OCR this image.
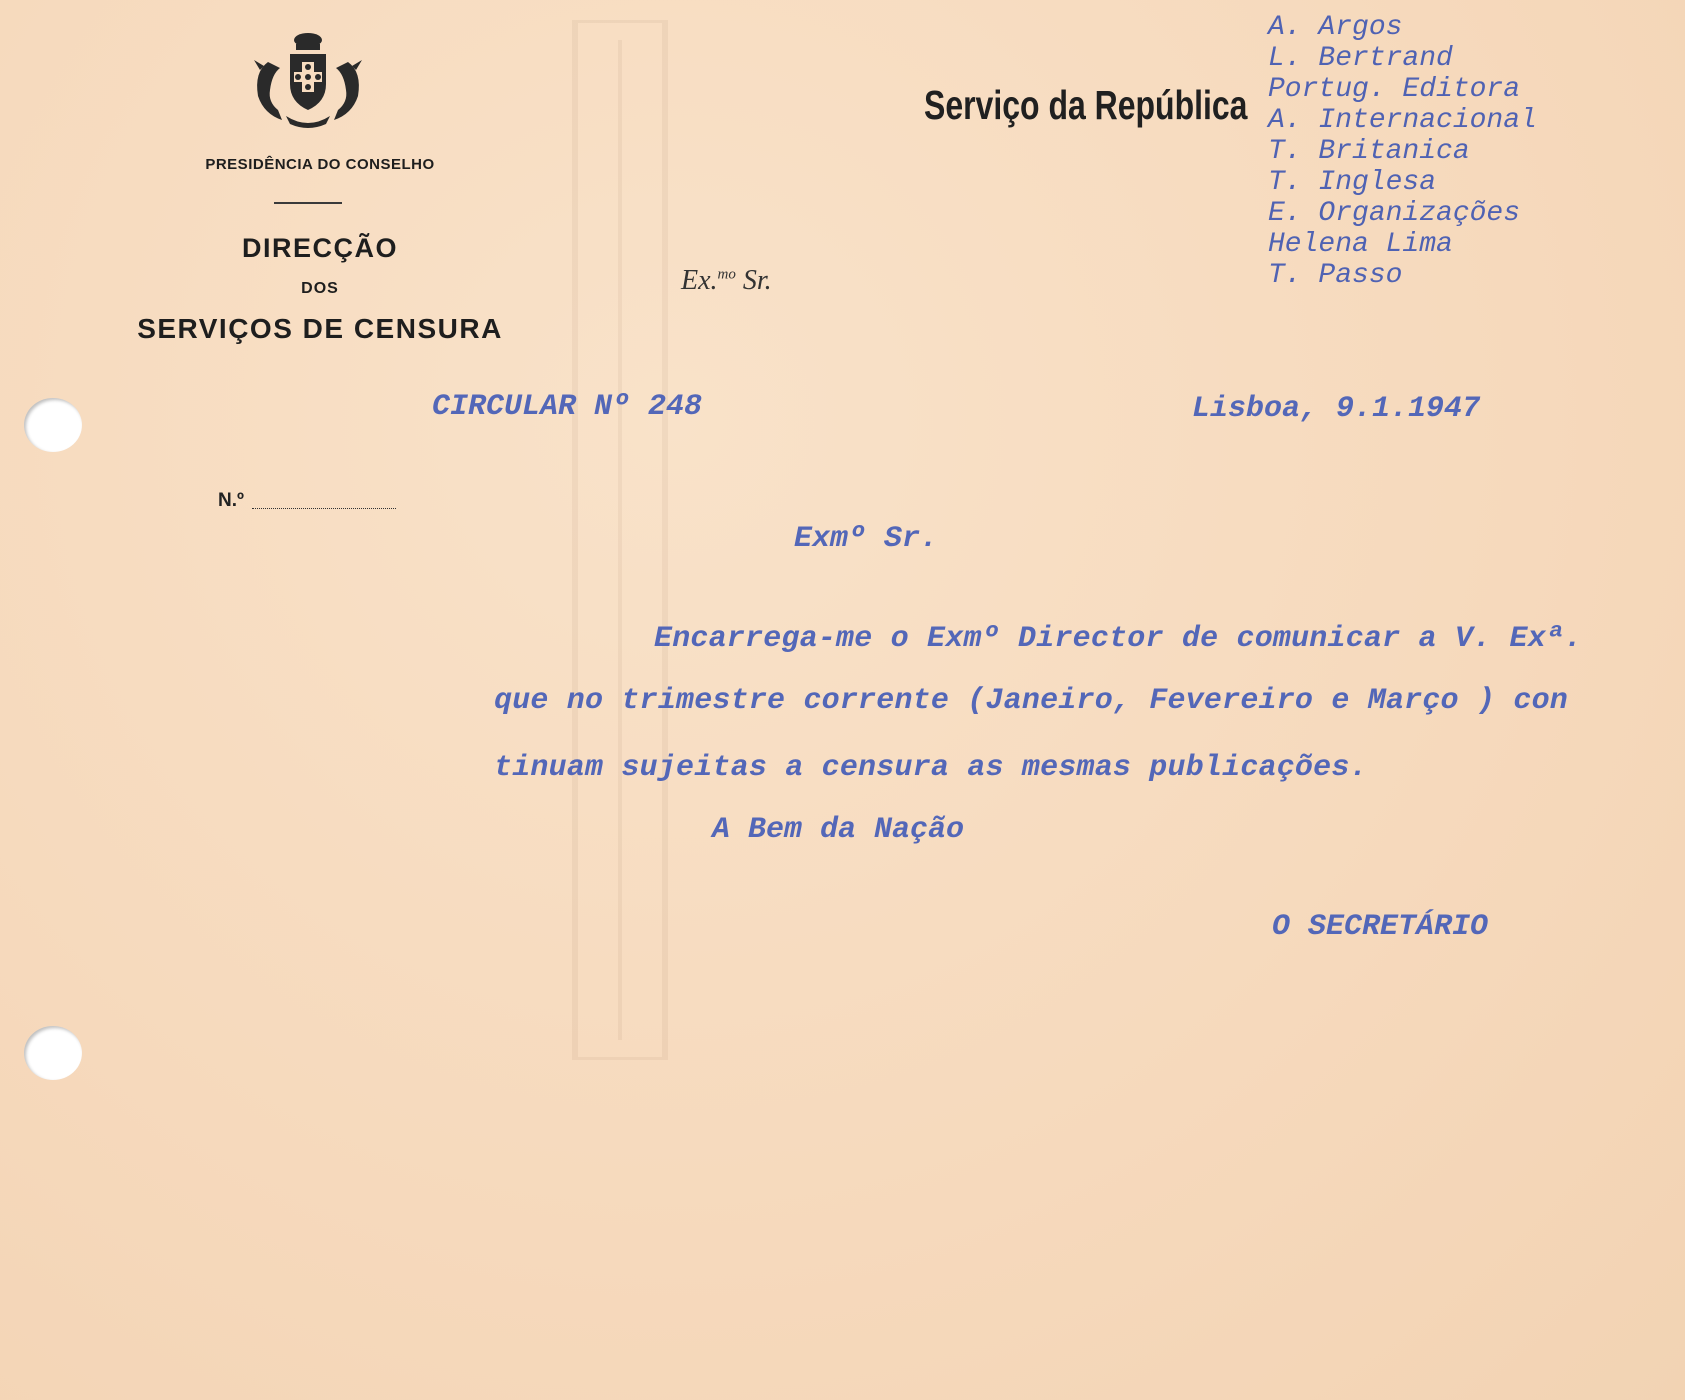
PRESIDÊNCIA DO CONSELHO
DIRECÇÃO
DOS
SERVIÇOS DE CENSURA
Serviço da República
Ex.$^{mo}$ Sr.
A. Argos
L. Bertrand
Portug. Editora
A. Internacional
T. Britanica
T. Inglesa
E. Organizações
Helena Lima
T. Passo
CIRCULAR Nº 248	Lisboa, 9.1.1947
N.º
Exmº Sr.
Encarrega-me o Exmº Director de comunicar a V. Exª.
que no trimestre corrente (Janeiro, Fevereiro e Março ) con
tinuam sujeitas a censura as mesmas publicações.
A Bem da Nação
O SECRETÁRIO
